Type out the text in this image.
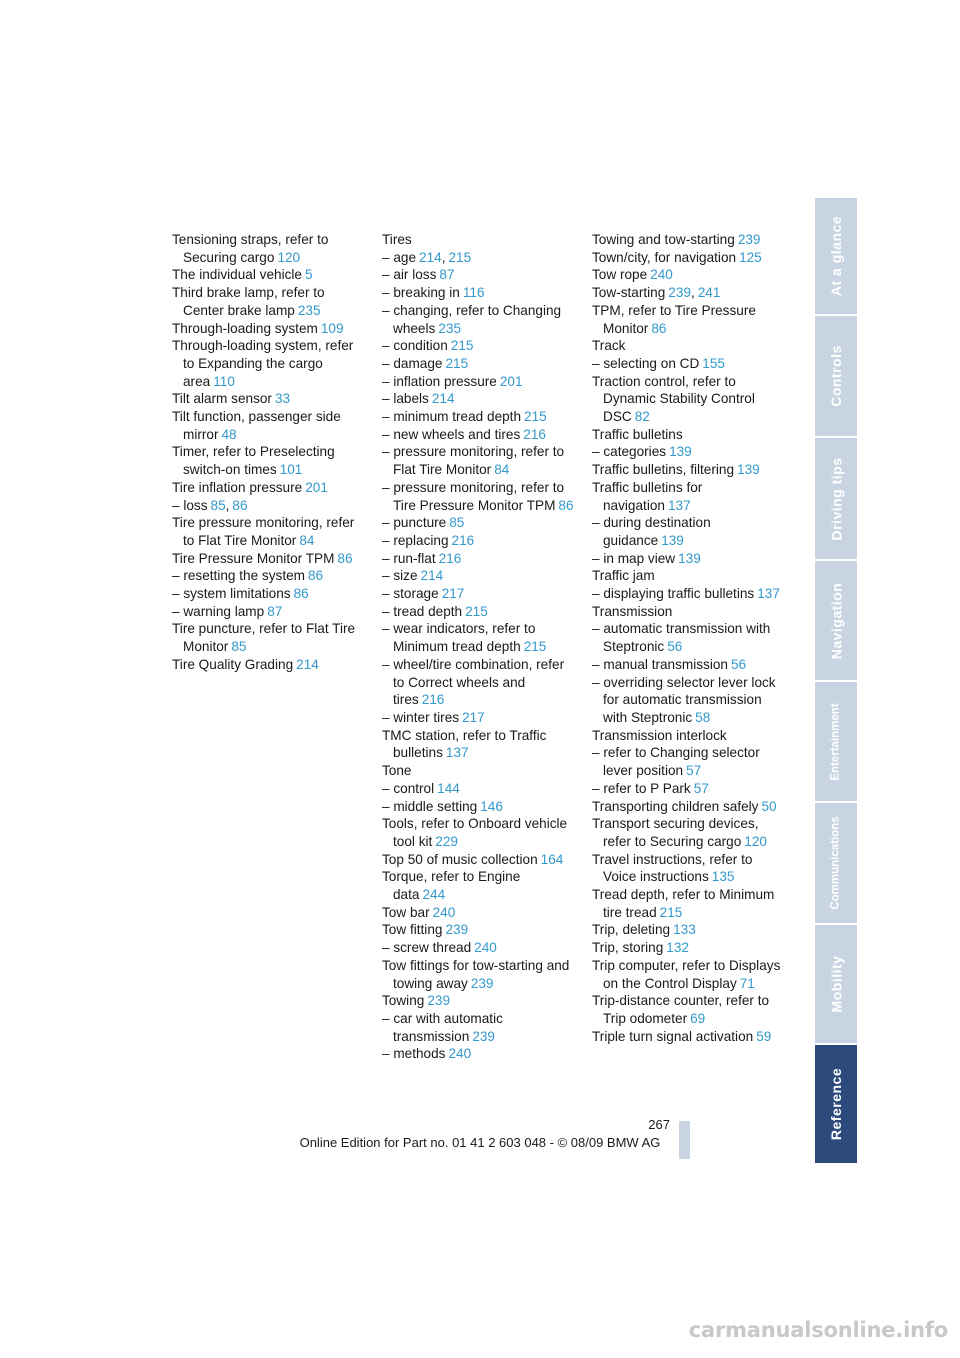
Tensioning straps, refer to Securing cargo 120
The individual vehicle 5
Third brake lamp, refer to Center brake lamp 235
Through-loading system 109
Through-loading system, refer to Expanding the cargo area 110
Tilt alarm sensor 33
Tilt function, passenger side mirror 48
Timer, refer to Preselecting switch-on times 101
Tire inflation pressure 201
– loss 85, 86
Tire pressure monitoring, refer to Flat Tire Monitor 84
Tire Pressure Monitor TPM 86
– resetting the system 86
– system limitations 86
– warning lamp 87
Tire puncture, refer to Flat Tire Monitor 85
Tire Quality Grading 214
Tires
– age 214, 215
– air loss 87
– breaking in 116
– changing, refer to Changing wheels 235
– condition 215
– damage 215
– inflation pressure 201
– labels 214
– minimum tread depth 215
– new wheels and tires 216
– pressure monitoring, refer to Flat Tire Monitor 84
– pressure monitoring, refer to Tire Pressure Monitor TPM 86
– puncture 85
– replacing 216
– run-flat 216
– size 214
– storage 217
– tread depth 215
– wear indicators, refer to Minimum tread depth 215
– wheel/tire combination, refer to Correct wheels and tires 216
– winter tires 217
TMC station, refer to Traffic bulletins 137
Tone
– control 144
– middle setting 146
Tools, refer to Onboard vehicle tool kit 229
Top 50 of music collection 164
Torque, refer to Engine data 244
Tow bar 240
Tow fitting 239
– screw thread 240
Tow fittings for tow-starting and towing away 239
Towing 239
– car with automatic transmission 239
– methods 240
Towing and tow-starting 239
Town/city, for navigation 125
Tow rope 240
Tow-starting 239, 241
TPM, refer to Tire Pressure Monitor 86
Track
– selecting on CD 155
Traction control, refer to Dynamic Stability Control DSC 82
Traffic bulletins
– categories 139
Traffic bulletins, filtering 139
Traffic bulletins for navigation 137
– during destination guidance 139
– in map view 139
Traffic jam
– displaying traffic bulletins 137
Transmission
– automatic transmission with Steptronic 56
– manual transmission 56
– overriding selector lever lock for automatic transmission with Steptronic 58
Transmission interlock
– refer to Changing selector lever position 57
– refer to P Park 57
Transporting children safely 50
Transport securing devices, refer to Securing cargo 120
Travel instructions, refer to Voice instructions 135
Tread depth, refer to Minimum tire tread 215
Trip, deleting 133
Trip, storing 132
Trip computer, refer to Displays on the Control Display 71
Trip-distance counter, refer to Trip odometer 69
Triple turn signal activation 59
At a glance
Controls
Driving tips
Navigation
Entertainment
Communications
Mobility
Reference
267
Online Edition for Part no. 01 41 2 603 048 - © 08/09 BMW AG
carmanualsonline.info
